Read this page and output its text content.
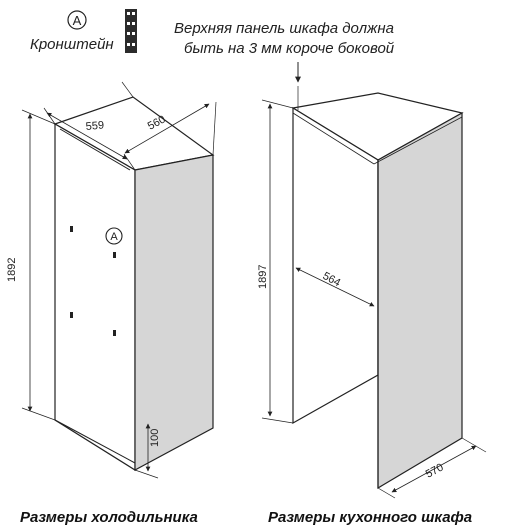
A
Кронштейн
Верхняя панель шкафа должна
быть на 3 мм короче боковой
A
559	560
1892
100
Размеры холодильника
1897	564
570
Размеры кухонного шкафа
